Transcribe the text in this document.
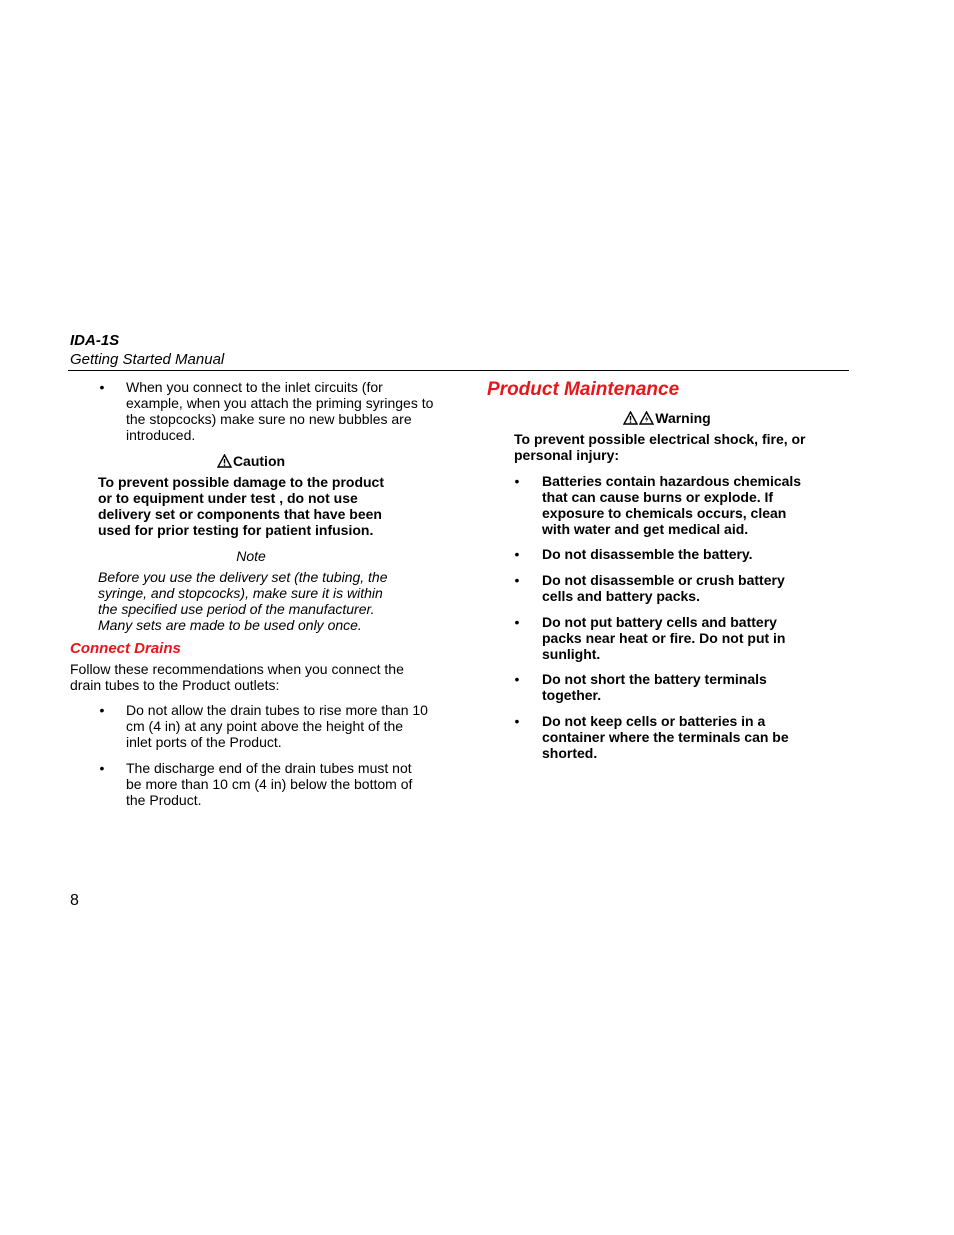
IDA-1S
Getting Started Manual
• When you connect to the inlet circuits (for example, when you attach the priming syringes to the stopcocks) make sure no new bubbles are introduced.
Caution
To prevent possible damage to the product or to equipment under test , do not use delivery set or components that have been used for prior testing for patient infusion.
Note
Before you use the delivery set (the tubing, the syringe, and stopcocks), make sure it is within the specified use period of the manufacturer. Many sets are made to be used only once.
Connect Drains
Follow these recommendations when you connect the drain tubes to the Product outlets:
• Do not allow the drain tubes to rise more than 10 cm (4 in) at any point above the height of the inlet ports of the Product.
• The discharge end of the drain tubes must not be more than 10 cm (4 in) below the bottom of the Product.
Product Maintenance
Warning
To prevent possible electrical shock, fire, or personal injury:
• Batteries contain hazardous chemicals that can cause burns or explode. If exposure to chemicals occurs, clean with water and get medical aid.
• Do not disassemble the battery.
• Do not disassemble or crush battery cells and battery packs.
• Do not put battery cells and battery packs near heat or fire. Do not put in sunlight.
• Do not short the battery terminals together.
• Do not keep cells or batteries in a container where the terminals can be shorted.
8
